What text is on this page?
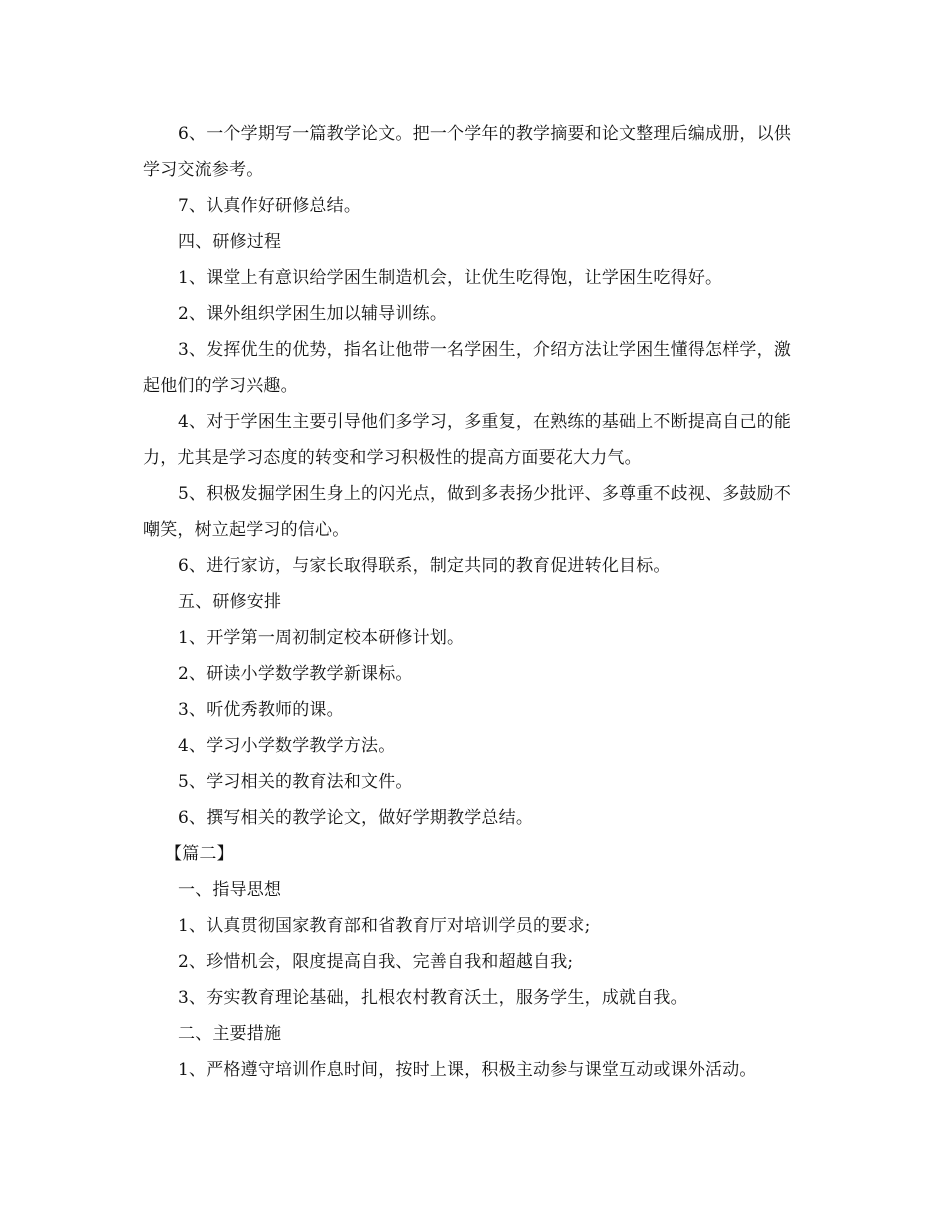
6、一个学期写一篇教学论文。把一个学年的教学摘要和论文整理后编成册，以供学习交流参考。

7、认真作好研修总结。

四、研修过程

1、课堂上有意识给学困生制造机会，让优生吃得饱，让学困生吃得好。

2、课外组织学困生加以辅导训练。

3、发挥优生的优势，指名让他带一名学困生，介绍方法让学困生懂得怎样学，激起他们的学习兴趣。

4、对于学困生主要引导他们多学习，多重复，在熟练的基础上不断提高自己的能力，尤其是学习态度的转变和学习积极性的提高方面要花大力气。

5、积极发掘学困生身上的闪光点，做到多表扬少批评、多尊重不歧视、多鼓励不嘲笑，树立起学习的信心。

6、进行家访，与家长取得联系，制定共同的教育促进转化目标。

五、研修安排

1、开学第一周初制定校本研修计划。

2、研读小学数学教学新课标。

3、听优秀教师的课。

4、学习小学数学教学方法。

5、学习相关的教育法和文件。

6、撰写相关的教学论文，做好学期教学总结。

【篇二】

一、指导思想

1、认真贯彻国家教育部和省教育厅对培训学员的要求;

2、珍惜机会，限度提高自我、完善自我和超越自我;

3、夯实教育理论基础，扎根农村教育沃土，服务学生，成就自我。

二、主要措施

1、严格遵守培训作息时间，按时上课，积极主动参与课堂互动或课外活动。
